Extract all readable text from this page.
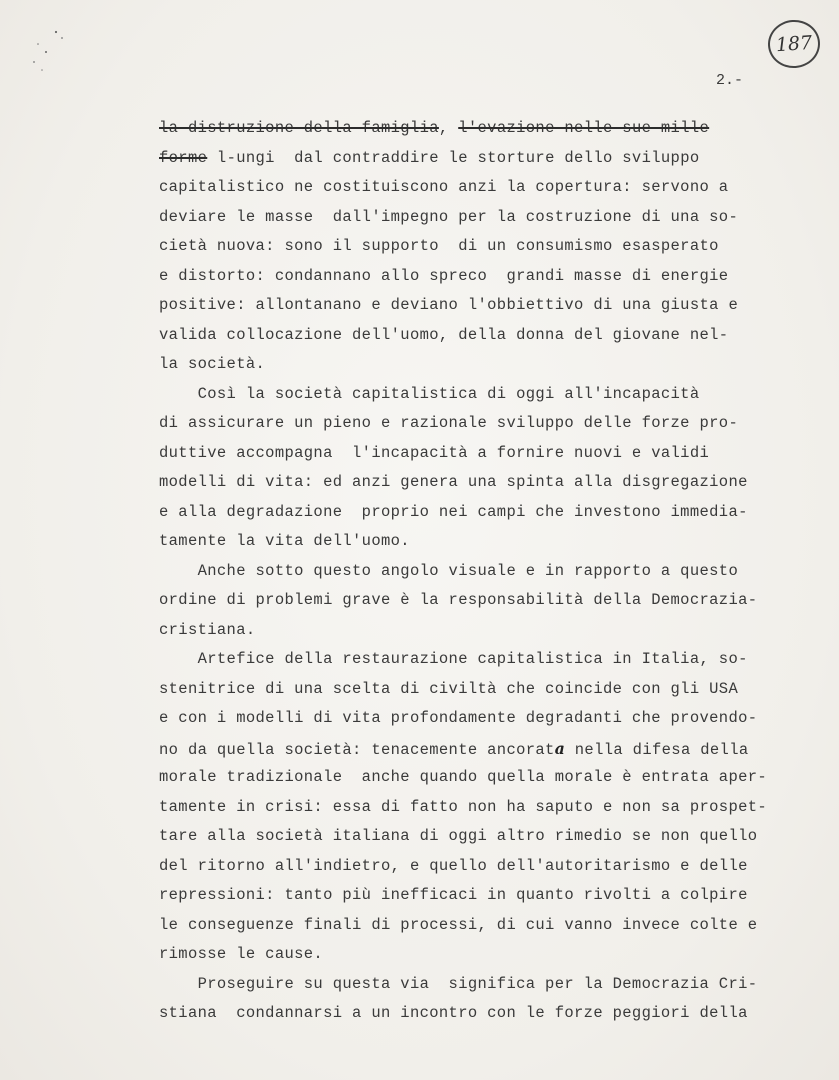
187
2.-
la distruzione della famiglia, l'evazione nelle sue mille
forme l-ungi  dal contraddire le storture dello sviluppo
capitalistico ne costituiscono anzi la copertura: servono a
deviare le masse  dall'impegno per la costruzione di una so-
cietà nuova: sono il supporto  di un consumismo esasperato
e distorto: condannano allo spreco  grandi masse di energie
positive: allontanano e deviano l'obbiettivo di una giusta e
valida collocazione dell'uomo, della donna del giovane nel-
la società.
Così la società capitalistica di oggi all'incapacità
di assicurare un pieno e razionale sviluppo delle forze pro-
duttive accompagna  l'incapacità a fornire nuovi e validi
modelli di vita: ed anzi genera una spinta alla disgregazione
e alla degradazione  proprio nei campi che investono immedia-
tamente la vita dell'uomo.
Anche sotto questo angolo visuale e in rapporto a questo
ordine di problemi grave è la responsabilità della Democrazia-
cristiana.
Artefice della restaurazione capitalistica in Italia, so-
stenitrice di una scelta di civiltà che coincide con gli USA
e con i modelli di vita profondamente degradanti che provendo-
no da quella società: tenacemente ancorata nella difesa della
morale tradizionale  anche quando quella morale è entrata aper-
tamente in crisi: essa di fatto non ha saputo e non sa prospet-
tare alla società italiana di oggi altro rimedio se non quello
del ritorno all'indietro, e quello dell'autoritarismo e delle
repressioni: tanto più inefficaci in quanto rivolti a colpire
le conseguenze finali di processi, di cui vanno invece colte e
rimosse le cause.
Proseguire su questa via  significa per la Democrazia Cri-
stiana  condannarsi a un incontro con le forze peggiori della
